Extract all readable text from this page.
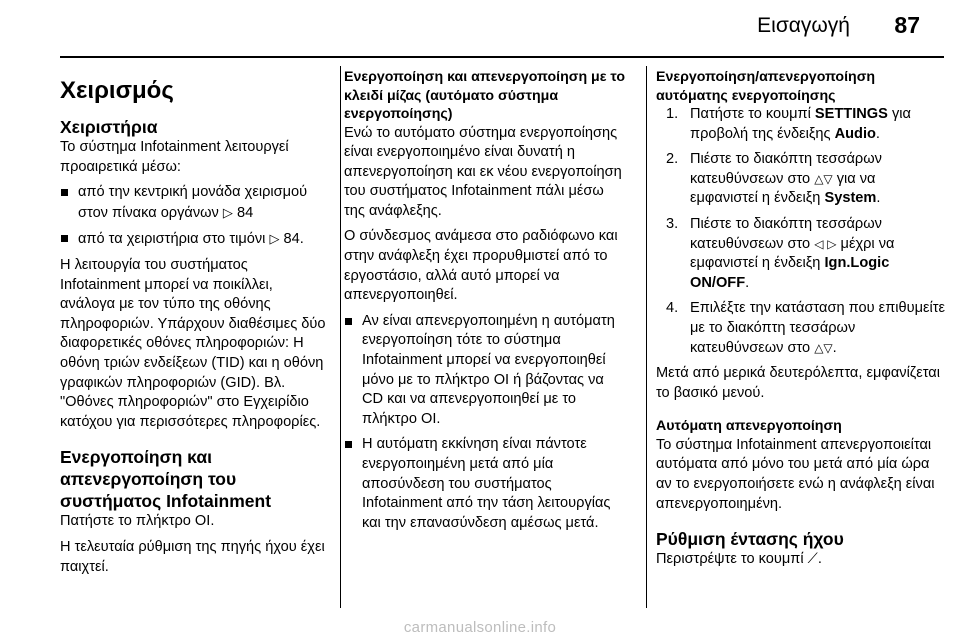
Εισαγωγή 87
Χειρισμός
Χειριστήρια

Το σύστημα Infotainment λειτουργεί προαιρετικά μέσω:

από την κεντρική μονάδα χειρισμού στον πίνακα οργάνων ▷ 84
από τα χειριστήρια στο τιμόνι ▷ 84.

Η λειτουργία του συστήματος Infotainment μπορεί να ποικίλλει, ανάλογα με τον τύπο της οθόνης πληροφοριών. Υπάρχουν διαθέσιμες δύο διαφορετικές οθόνες πληροφοριών: Η οθόνη τριών ενδείξεων (TID) και η οθόνη γραφικών πληροφοριών (GID). Βλ. "Οθόνες πληροφοριών" στο Εγχειρίδιο κατόχου για περισσότερες πληροφορίες.

Ενεργοποίηση και απενεργοποίηση του συστήματος Infotainment

Πατήστε το πλήκτρο ΟΙ.

Η τελευταία ρύθμιση της πηγής ήχου έχει παιχτεί.

Ενεργοποίηση και απενεργοποίηση με το κλειδί μίζας (αυτόματο σύστημα ενεργοποίησης)

Ενώ το αυτόματο σύστημα ενεργοποίησης είναι ενεργοποιημένο είναι δυνατή η απενεργοποίηση και εκ νέου ενεργοποίηση του συστήματος Infotainment πάλι μέσω της ανάφλεξης.

Ο σύνδεσμος ανάμεσα στο ραδιόφωνο και στην ανάφλεξη έχει προρυθμιστεί από το εργοστάσιο, αλλά αυτό μπορεί να απενεργοποιηθεί.

Αν είναι απενεργοποιημένη η αυτόματη ενεργοποίηση τότε το σύστημα Infotainment μπορεί να ενεργοποιηθεί μόνο με το πλήκτρο ΟΙ ή βάζοντας να CD και να απενεργοποιηθεί με το πλήκτρο ΟΙ.
Η αυτόματη εκκίνηση είναι πάντοτε ενεργοποιημένη μετά από μία αποσύνδεση του συστήματος Infotainment από την τάση λειτουργίας και την επανασύνδεση αμέσως μετά.
Ενεργοποίηση/απενεργοποίηση αυτόματης ενεργοποίησης
1. Πατήστε το κουμπί SETTINGS για προβολή της ένδειξης Audio.
2. Πιέστε το διακόπτη τεσσάρων κατευθύνσεων στο △▽ για να εμφανιστεί η ένδειξη System.
3. Πιέστε το διακόπτη τεσσάρων κατευθύνσεων στο ◁ ▷ μέχρι να εμφανιστεί η ένδειξη Ign.Logic ON/OFF.
4. Επιλέξτε την κατάσταση που επιθυμείτε με το διακόπτη τεσσάρων κατευθύνσεων στο △▽.

Μετά από μερικά δευτερόλεπτα, εμφανίζεται το βασικό μενού.

Αυτόματη απενεργοποίηση

Το σύστημα Infotainment απενεργοποιείται αυτόματα από μόνο του μετά από μία ώρα αν το ενεργοποιήσετε ενώ η ανάφλεξη είναι απενεργοποιημένη.

Ρύθμιση έντασης ήχου

Περιστρέψτε το κουμπί ⟋.

carmanualsonline.info
